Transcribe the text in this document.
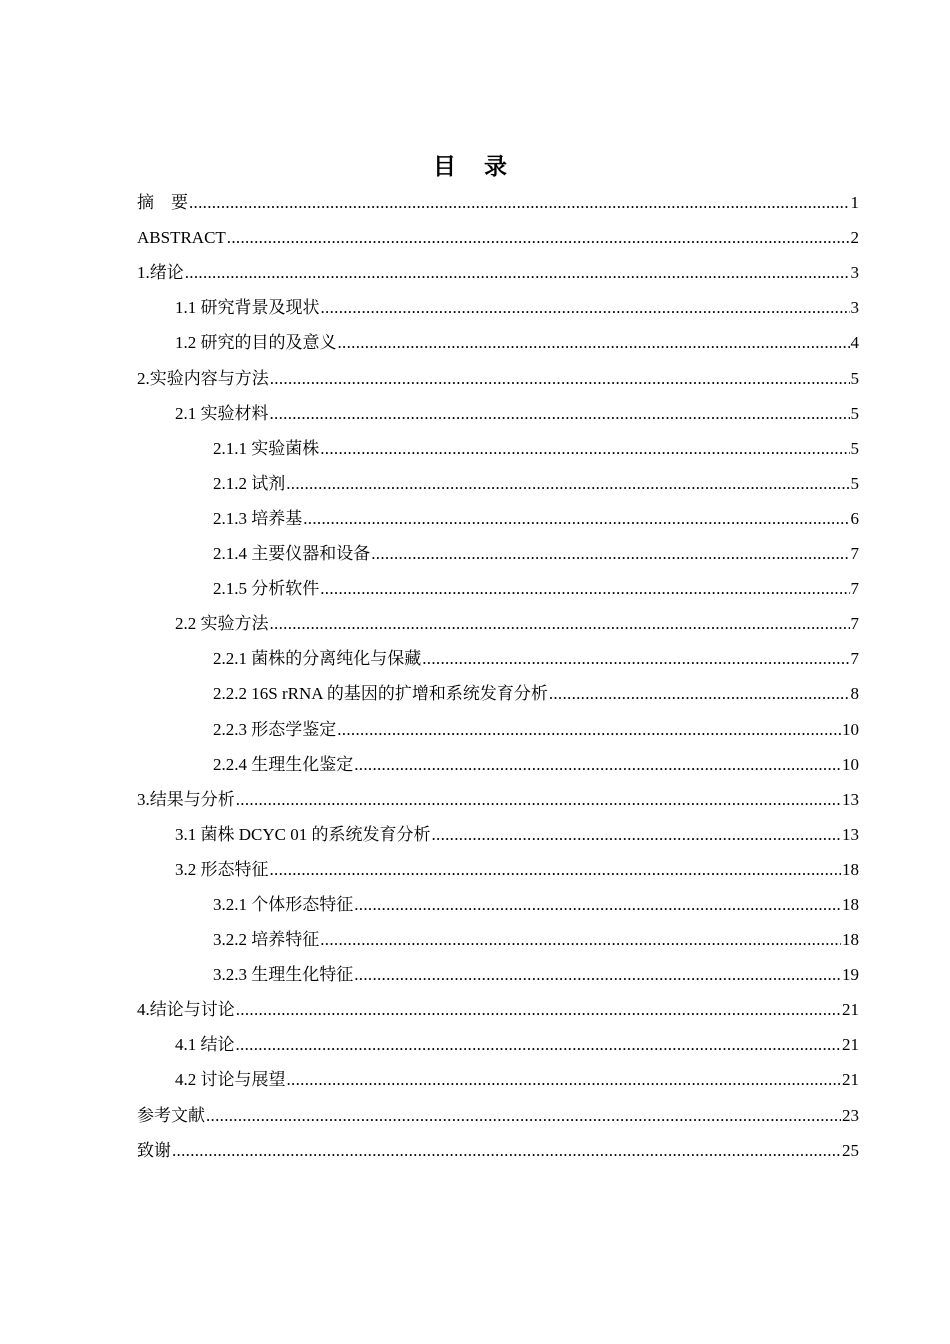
目 录
摘　要 .....	1
ABSTRACT .....	2
1.绪论 .....	3
1.1 研究背景及现状 .....	3
1.2 研究的目的及意义 .....	4
2.实验内容与方法 .....	5
2.1 实验材料 .....	5
2.1.1 实验菌株 .....	5
2.1.2 试剂 .....	5
2.1.3 培养基 .....	6
2.1.4 主要仪器和设备 .....	7
2.1.5 分析软件 .....	7
2.2 实验方法 .....	7
2.2.1 菌株的分离纯化与保藏 .....	7
2.2.2 16S rRNA 的基因的扩增和系统发育分析 .....	8
2.2.3 形态学鉴定 .....	10
2.2.4 生理生化鉴定 .....	10
3.结果与分析 .....	13
3.1 菌株 DCYC 01 的系统发育分析 .....	13
3.2 形态特征 .....	18
3.2.1 个体形态特征 .....	18
3.2.2 培养特征 .....	18
3.2.3 生理生化特征 .....	19
4.结论与讨论 .....	21
4.1 结论 .....	21
4.2 讨论与展望 .....	21
参考文献 .....	23
致谢 .....	25
